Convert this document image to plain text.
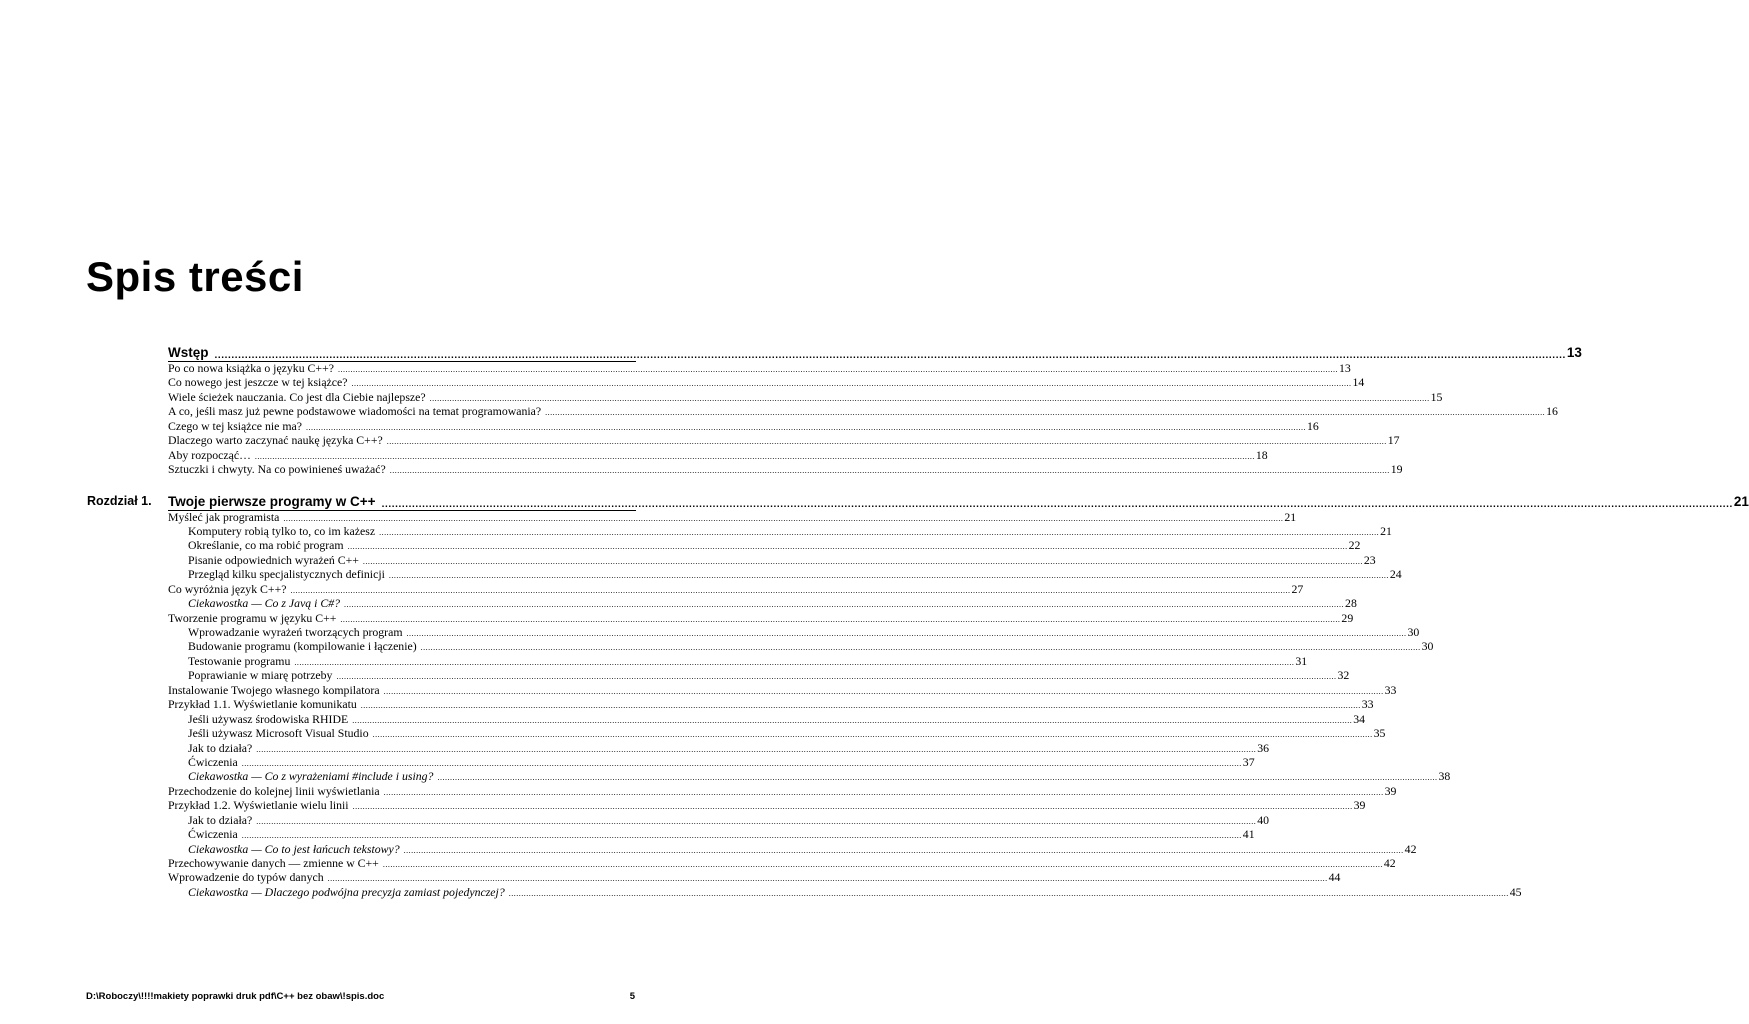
Spis treści
Wstęp ................................................................................................................................................................................................................................................................................................................................................................................................................ 13
Po co nowa książka o języku C++? ................................................................................................................................................................................................................................................................................................................................................................................................................ 13
Co nowego jest jeszcze w tej książce? ................................................................................................................................................................................................................................................................................................................................................................................................................ 14
Wiele ścieżek nauczania. Co jest dla Ciebie najlepsze? ................................................................................................................................................................................................................................................................................................................................................................................................................ 15
A co, jeśli masz już pewne podstawowe wiadomości na temat programowania? ................................................................................................................................................................................................................................................................................................................................................................................................................ 16
Czego w tej książce nie ma? ................................................................................................................................................................................................................................................................................................................................................................................................................ 16
Dlaczego warto zaczynać naukę języka C++? ................................................................................................................................................................................................................................................................................................................................................................................................................ 17
Aby rozpocząć… ................................................................................................................................................................................................................................................................................................................................................................................................................ 18
Sztuczki i chwyty. Na co powinieneś uważać? ................................................................................................................................................................................................................................................................................................................................................................................................................ 19
Rozdział 1. Twoje pierwsze programy w C++ ................................................................................................................................................................................................................................................................................................................................................................................................................ 21
Myśleć jak programista ................................................................................................................................................................................................................................................................................................................................................................................................................ 21
Komputery robią tylko to, co im każesz ................................................................................................................................................................................................................................................................................................................................................................................................................ 21
Określanie, co ma robić program ................................................................................................................................................................................................................................................................................................................................................................................................................ 22
Pisanie odpowiednich wyrażeń C++ ................................................................................................................................................................................................................................................................................................................................................................................................................ 23
Przegląd kilku specjalistycznych definicji ................................................................................................................................................................................................................................................................................................................................................................................................................ 24
Co wyróżnia język C++? ................................................................................................................................................................................................................................................................................................................................................................................................................ 27
Ciekawostka — Co z Javą i C#? ................................................................................................................................................................................................................................................................................................................................................................................................................ 28
Tworzenie programu w języku C++ ................................................................................................................................................................................................................................................................................................................................................................................................................ 29
Wprowadzanie wyrażeń tworzących program ................................................................................................................................................................................................................................................................................................................................................................................................................ 30
Budowanie programu (kompilowanie i łączenie) ................................................................................................................................................................................................................................................................................................................................................................................................................ 30
Testowanie programu ................................................................................................................................................................................................................................................................................................................................................................................................................ 31
Poprawianie w miarę potrzeby ................................................................................................................................................................................................................................................................................................................................................................................................................ 32
Instalowanie Twojego własnego kompilatora ................................................................................................................................................................................................................................................................................................................................................................................................................ 33
Przykład 1.1. Wyświetlanie komunikatu ................................................................................................................................................................................................................................................................................................................................................................................................................ 33
Jeśli używasz środowiska RHIDE ................................................................................................................................................................................................................................................................................................................................................................................................................ 34
Jeśli używasz Microsoft Visual Studio ................................................................................................................................................................................................................................................................................................................................................................................................................ 35
Jak to działa? ................................................................................................................................................................................................................................................................................................................................................................................................................ 36
Ćwiczenia ................................................................................................................................................................................................................................................................................................................................................................................................................ 37
Ciekawostka — Co z wyrażeniami #include i using? ................................................................................................................................................................................................................................................................................................................................................................................................................ 38
Przechodzenie do kolejnej linii wyświetlania ................................................................................................................................................................................................................................................................................................................................................................................................................ 39
Przykład 1.2. Wyświetlanie wielu linii ................................................................................................................................................................................................................................................................................................................................................................................................................ 39
Jak to działa? ................................................................................................................................................................................................................................................................................................................................................................................................................ 40
Ćwiczenia ................................................................................................................................................................................................................................................................................................................................................................................................................ 41
Ciekawostka — Co to jest łańcuch tekstowy? ................................................................................................................................................................................................................................................................................................................................................................................................................ 42
Przechowywanie danych — zmienne w C++ ................................................................................................................................................................................................................................................................................................................................................................................................................ 42
Wprowadzenie do typów danych ................................................................................................................................................................................................................................................................................................................................................................................................................ 44
Ciekawostka — Dlaczego podwójna precyzja zamiast pojedynczej? ................................................................................................................................................................................................................................................................................................................................................................................................................ 45
D:\Roboczy\!!!!makiety poprawki druk pdf\C++ bez obaw\!spis.doc	5
